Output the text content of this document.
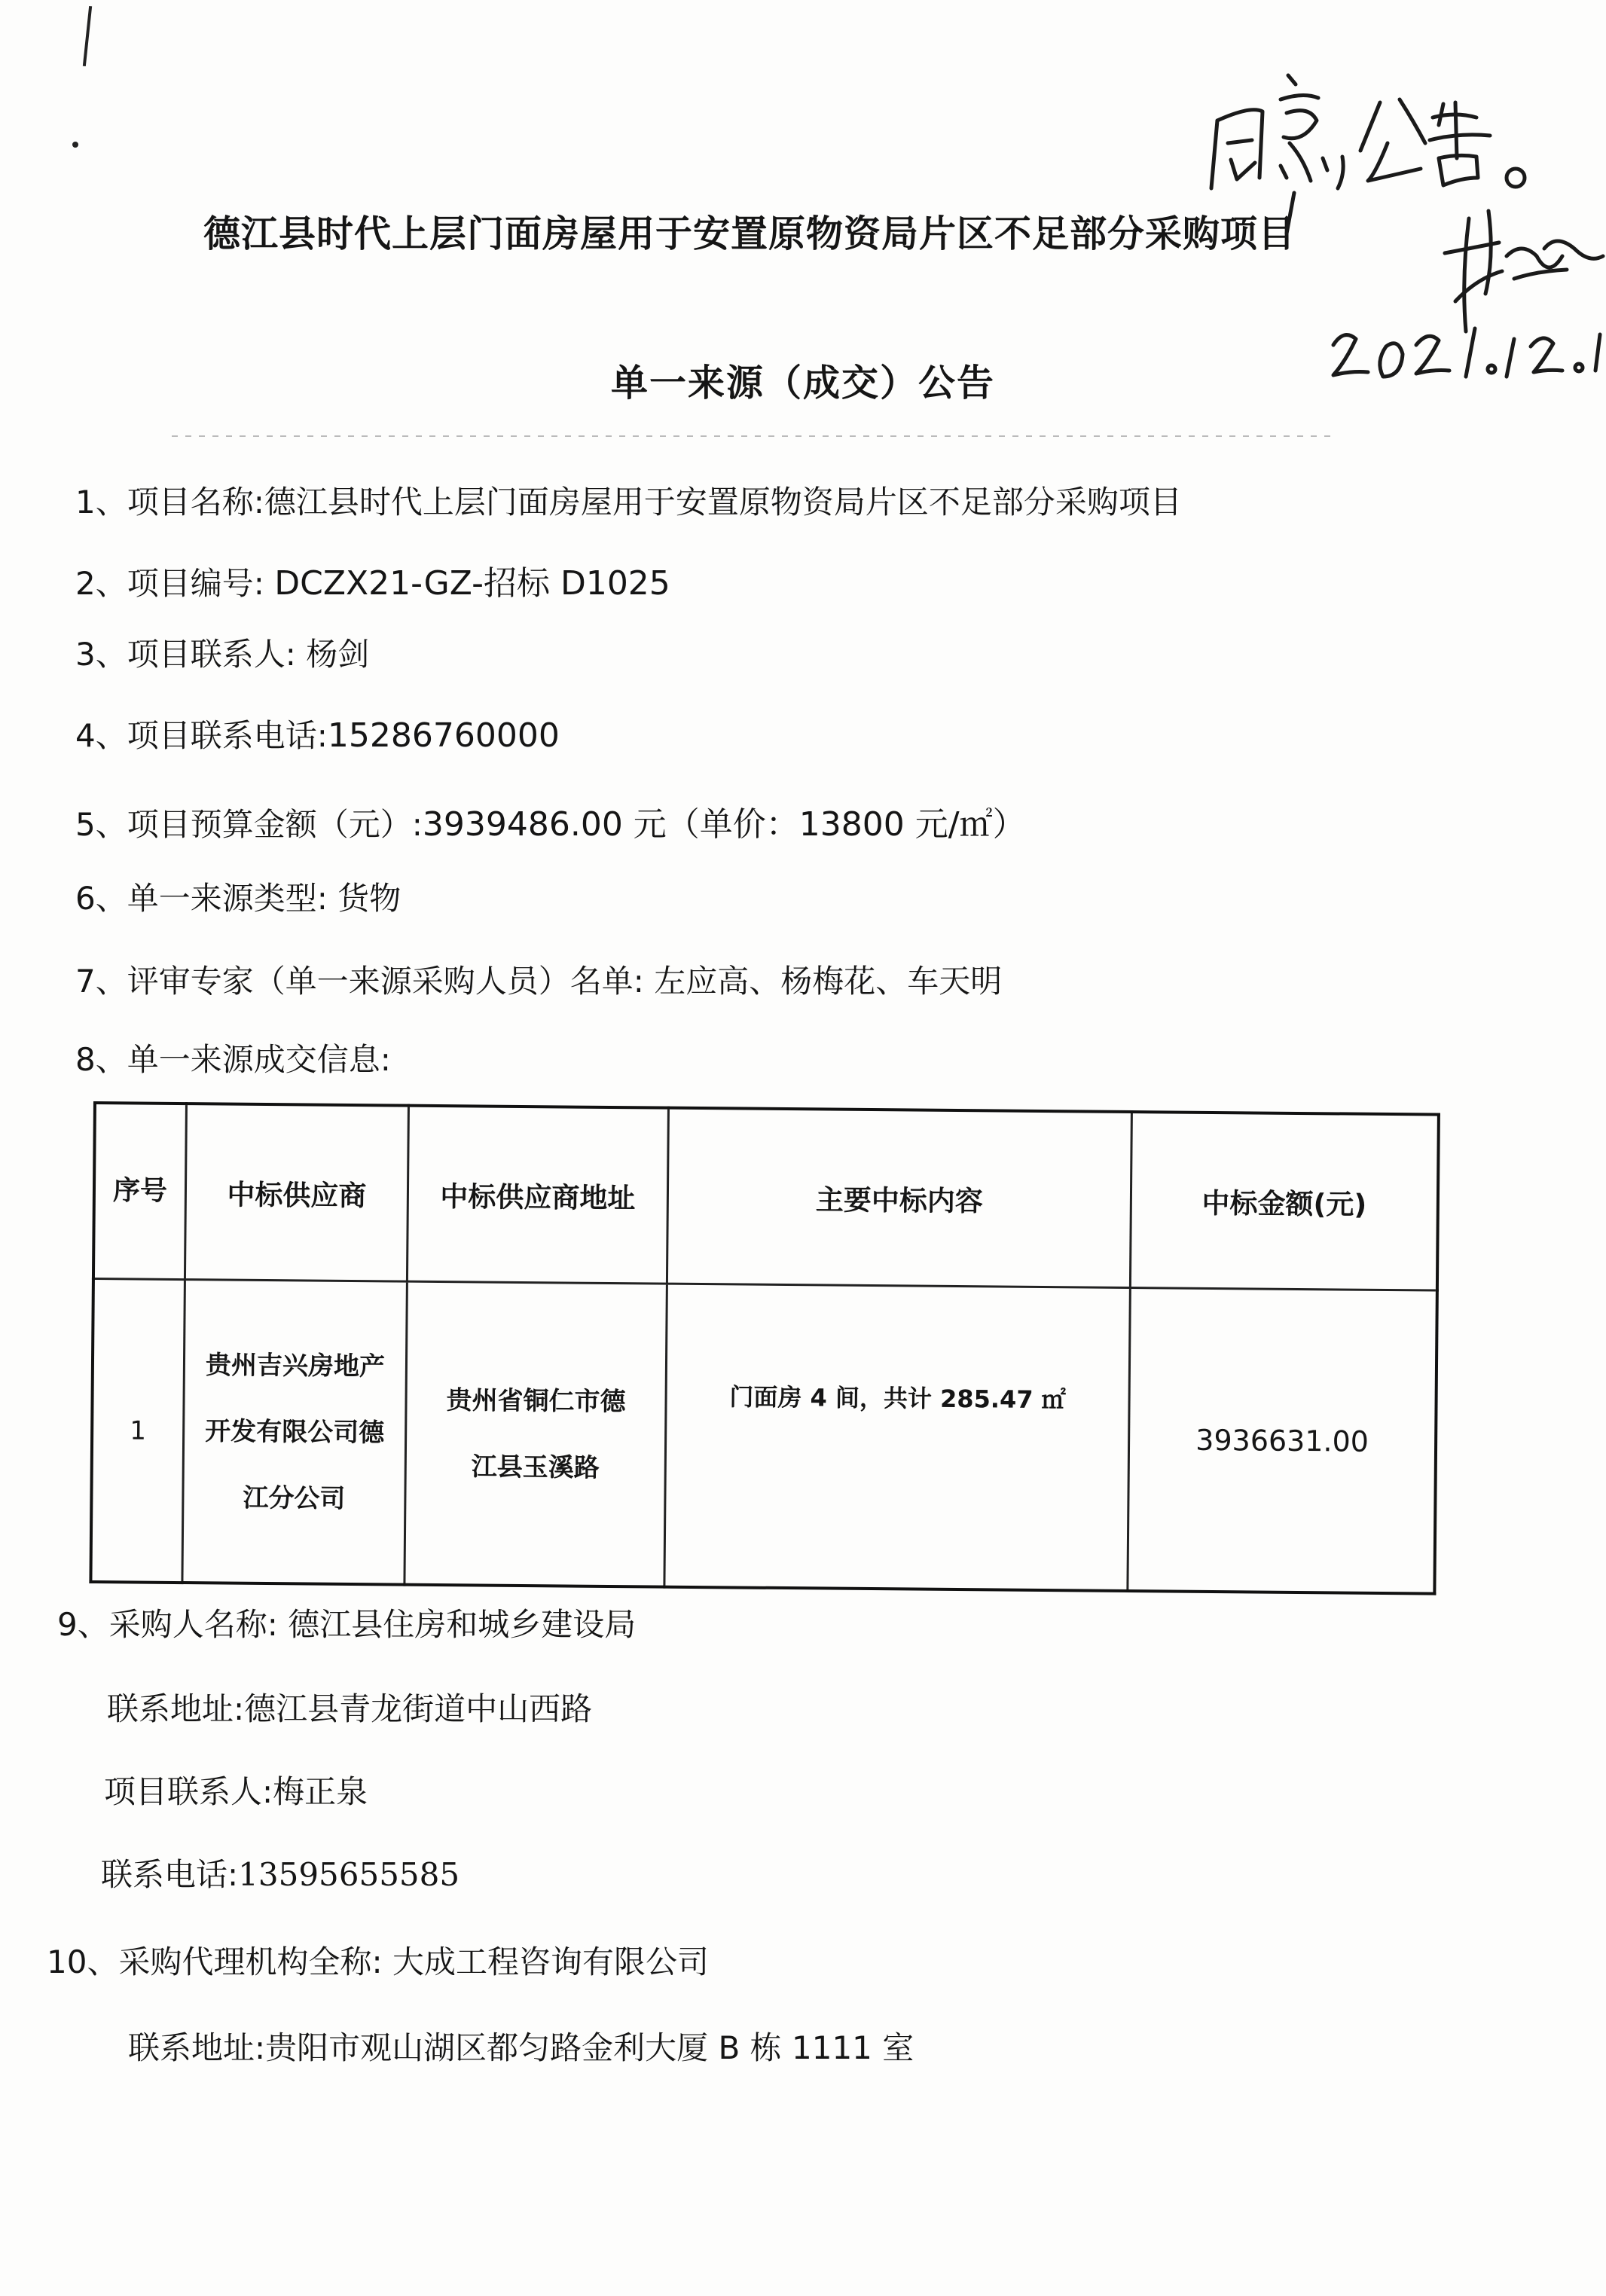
德江县时代上层门面房屋用于安置原物资局片区不足部分采购项目
单一来源（成交）公告
1、项目名称:德江县时代上层门面房屋用于安置原物资局片区不足部分采购项目
2、项目编号: DCZX21-GZ-招标 D1025
3、项目联系人: 杨剑
4、项目联系电话:15286760000
5、项目预算金额（元）:3939486.00 元（单价：13800 元/㎡）
6、单一来源类型: 货物
7、评审专家（单一来源采购人员）名单: 左应高、杨梅花、车天明
8、单一来源成交信息:
序号	中标供应商	中标供应商地址	主要中标内容	中标金额(元)
1	贵州吉兴房地产开发有限公司德江分公司	贵州省铜仁市德江县玉溪路	门面房 4 间，共计 285.47 ㎡	3936631.00
9、采购人名称: 德江县住房和城乡建设局
联系地址:德江县青龙街道中山西路
项目联系人:梅正泉
联系电话:13595655585
10、采购代理机构全称: 大成工程咨询有限公司
联系地址:贵阳市观山湖区都匀路金利大厦 B 栋 1111 室
